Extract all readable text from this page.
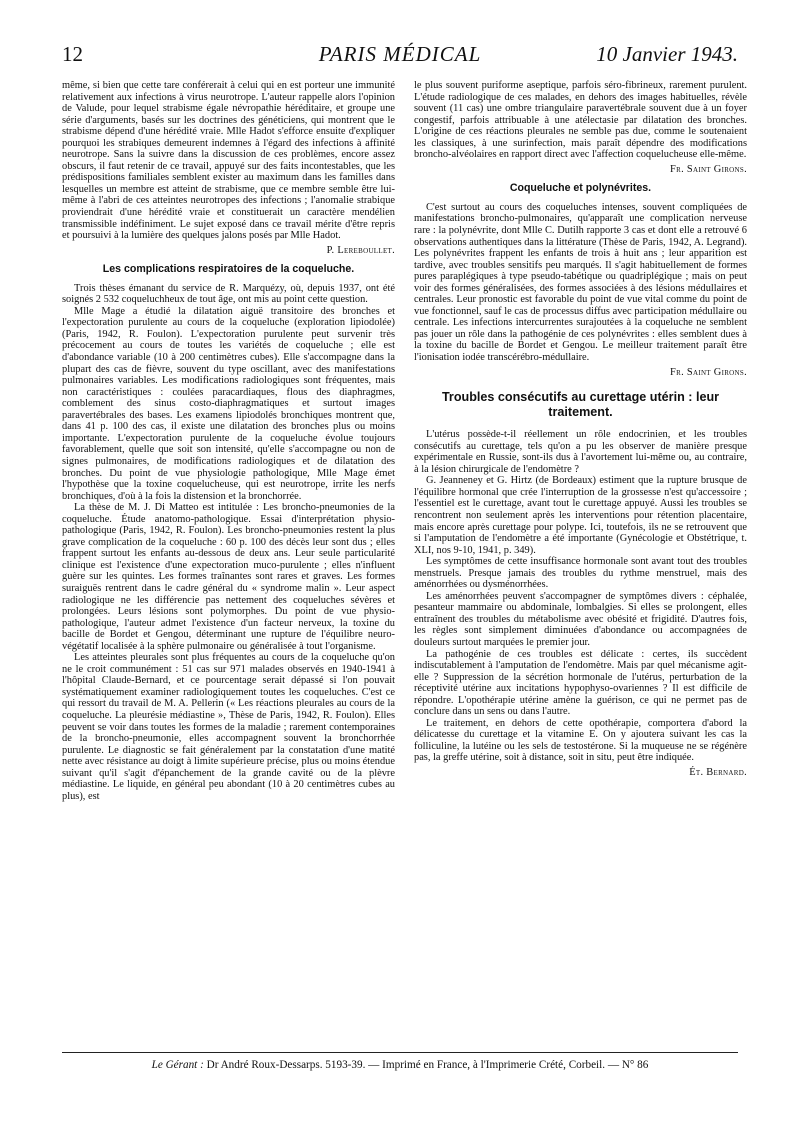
12	PARIS MÉDICAL	10 Janvier 1943.

même, si bien que cette tare conférerait à celui qui en est porteur une immunité relativement aux infections à virus neurotrope. L'auteur rappelle alors l'opinion de Valude, pour lequel strabisme égale névropathie héréditaire, et groupe une série d'arguments, basés sur les doctrines des généticiens, qui montrent que le strabisme dépend d'une hérédité vraie. Mlle Hadot s'efforce ensuite d'expliquer pourquoi les strabiques demeurent indemnes à l'égard des infections à affinité neurotrope. Sans la suivre dans la discussion de ces problèmes, encore assez obscurs, il faut retenir de ce travail, appuyé sur des faits incontestables, que les prédispositions familiales semblent exister au maximum dans les familles dans lesquelles un membre est atteint de strabisme, que ce membre semble être lui-même à l'abri de ces atteintes neurotropes des infections ; l'anomalie strabique proviendrait d'une hérédité vraie et constituerait un caractère mendélien transmissible indéfiniment. Le sujet exposé dans ce travail mérite d'être repris et poursuivi à la lumière des quelques jalons posés par Mlle Hadot.

P. Lereboullet.
Les complications respiratoires de la coqueluche.

Trois thèses émanant du service de R. Marquézy, où, depuis 1937, ont été soignés 2 532 coqueluchheux de tout âge, ont mis au point cette question.

Mlle Mage a étudié la dilatation aiguë transitoire des bronches et l'expectoration purulente au cours de la coqueluche (exploration lipiodolée) (Paris, 1942, R. Foulon). L'expectoration purulente peut survenir très précocement au cours de toutes les variétés de coqueluche ; elle est d'abondance variable (10 à 200 centimètres cubes). Elle s'accompagne dans la plupart des cas de fièvre, souvent du type oscillant, avec des manifestations pulmonaires variables. Les modifications radiologiques sont fréquentes, mais non caractéristiques : coulées paracardiaques, flous des diaphragmes, comblement des sinus costo-diaphragmatiques et surtout images paravertébrales des bases. Les examens lipiodolés bronchiques montrent que, dans 41 p. 100 des cas, il existe une dilatation des bronches plus ou moins importante. L'expectoration purulente de la coqueluche évolue toujours favorablement, quelle que soit son intensité, qu'elle s'accompagne ou non de signes pulmonaires, de modifications radiologiques et de dilatation des bronches. Du point de vue physiologie pathologique, Mlle Mage émet l'hypothèse que la toxine coquelucheuse, qui est neurotrope, irrite les nerfs bronchiques, d'où à la fois la distension et la bronchorrée.

La thèse de M. J. Di Matteo est intitulée : Les broncho-pneumonies de la coqueluche. Étude anatomo-pathologique. Essai d'interprétation physio-pathologique (Paris, 1942, R. Foulon). Les broncho-pneumonies restent la plus grave complication de la coqueluche : 60 p. 100 des décès leur sont dus ; elles frappent surtout les enfants au-dessous de deux ans. Leur seule particularité clinique est l'existence d'une expectoration muco-purulente ; elles n'influent guère sur les quintes. Les formes traînantes sont rares et graves. Les formes suraiguës rentrent dans le cadre général du « syndrome malin ». Leur aspect radiologique ne les différencie pas nettement des coqueluches sévères et prolongées. Leurs lésions sont polymorphes. Du point de vue physio-pathologique, l'auteur admet l'existence d'un facteur nerveux, la toxine du bacille de Bordet et Gengou, déterminant une rupture de l'équilibre neuro-végétatif localisée à la sphère pulmonaire ou généralisée à tout l'organisme.

Les atteintes pleurales sont plus fréquentes au cours de la coqueluche qu'on ne le croit communément : 51 cas sur 971 malades observés en 1940-1941 à l'hôpital Claude-Bernard, et ce pourcentage serait dépassé si l'on pouvait systématiquement examiner radiologiquement toutes les coqueluches. C'est ce qui ressort du travail de M. A. Pellerin (« Les réactions pleurales au cours de la coqueluche. La pleurésie médiastine », Thèse de Paris, 1942, R. Foulon). Elles peuvent se voir dans toutes les formes de la maladie ; rarement contemporaines de la broncho-pneumonie, elles accompagnent souvent la bronchorrhée purulente. Le diagnostic se fait généralement par la constatation d'une matité nette avec résistance au doigt à limite supérieure précise, plus ou moins étendue suivant qu'il s'agit d'épanchement de la grande cavité ou de la plèvre médiastine. Le liquide, en général peu abondant (10 à 20 centimètres cubes au plus), est

le plus souvent puriforme aseptique, parfois séro-fibrineux, rarement purulent. L'étude radiologique de ces malades, en dehors des images habituelles, révèle souvent (11 cas) une ombre triangulaire paravertébrale souvent due à un foyer congestif, parfois attribuable à une atélectasie par dilatation des bronches. L'origine de ces réactions pleurales ne semble pas due, comme le soutenaient les classiques, à une surinfection, mais paraît dépendre des modifications broncho-alvéolaires en rapport direct avec l'affection coquelucheuse elle-même.

Fr. Saint Girons.
Coqueluche et polynévrites.

C'est surtout au cours des coqueluches intenses, souvent compliquées de manifestations broncho-pulmonaires, qu'apparaît une complication nerveuse rare : la polynévrite, dont Mlle C. Dutilh rapporte 3 cas et dont elle a retrouvé 6 observations authentiques dans la littérature (Thèse de Paris, 1942, A. Legrand). Les polynévrites frappent les enfants de trois à huit ans ; leur apparition est tardive, avec troubles sensitifs peu marqués. Il s'agit habituellement de formes pures paraplégiques à type pseudo-tabétique ou quadriplégique ; mais on peut voir des formes généralisées, des formes associées à des lésions médullaires et centrales. Leur pronostic est favorable du point de vue vital comme du point de vue fonctionnel, sauf le cas de processus diffus avec participation médullaire ou centrale. Les infections intercurrentes surajoutées à la coqueluche ne semblent pas jouer un rôle dans la pathogénie de ces polynévrites : elles semblent dues à la toxine du bacille de Bordet et Gengou. Le meilleur traitement paraît être l'ionisation iodée transcérébro-médullaire.

Fr. Saint Girons.
Troubles consécutifs au curettage utérin : leur traitement.

L'utérus possède-t-il réellement un rôle endocrinien, et les troubles consécutifs au curettage, tels qu'on a pu les observer de manière presque expérimentale en Russie, sont-ils dus à l'avortement lui-même ou, au contraire, à la lésion chirurgicale de l'endomètre ?

G. Jeanneney et G. Hirtz (de Bordeaux) estiment que la rupture brusque de l'équilibre hormonal que crée l'interruption de la grossesse n'est qu'accessoire ; l'essentiel est le curettage, avant tout le curettage appuyé. Aussi les troubles se rencontrent non seulement après les interventions pour rétention placentaire, mais encore après curettage pour polype. Ici, toutefois, ils ne se retrouvent que si l'amputation de l'endomètre a été importante (Gynécologie et Obstétrique, t. XLI, nos 9-10, 1941, p. 349).

Les symptômes de cette insuffisance hormonale sont avant tout des troubles menstruels. Presque jamais des troubles du rythme menstruel, mais des aménorrhées ou dysménorrhées.

Les aménorrhées peuvent s'accompagner de symptômes divers : céphalée, pesanteur mammaire ou abdominale, lombalgies. Si elles se prolongent, elles entraînent des troubles du métabolisme avec obésité et frigidité. D'autres fois, les règles sont simplement diminuées d'abondance ou accompagnées de douleurs surtout marquées le premier jour.

La pathogénie de ces troubles est délicate : certes, ils succèdent indiscutablement à l'amputation de l'endomètre. Mais par quel mécanisme agit-elle ? Suppression de la sécrétion hormonale de l'utérus, perturbation de la réceptivité utérine aux incitations hypophyso-ovariennes ? Il est difficile de répondre. L'opothérapie utérine amène la guérison, ce qui ne permet pas de conclure dans un sens ou dans l'autre.

Le traitement, en dehors de cette opothérapie, comportera d'abord la délicatesse du curettage et la vitamine E. On y ajoutera suivant les cas la folliculine, la lutéine ou les sels de testostérone. Si la muqueuse ne se régénère pas, la greffe utérine, soit à distance, soit in situ, peut être indiquée.

Ét. Bernard.
Le Gérant : Dr André Roux-Dessarps. 5193-39. — Imprimé en France, à l'Imprimerie Crété, Corbeil. — N° 86
